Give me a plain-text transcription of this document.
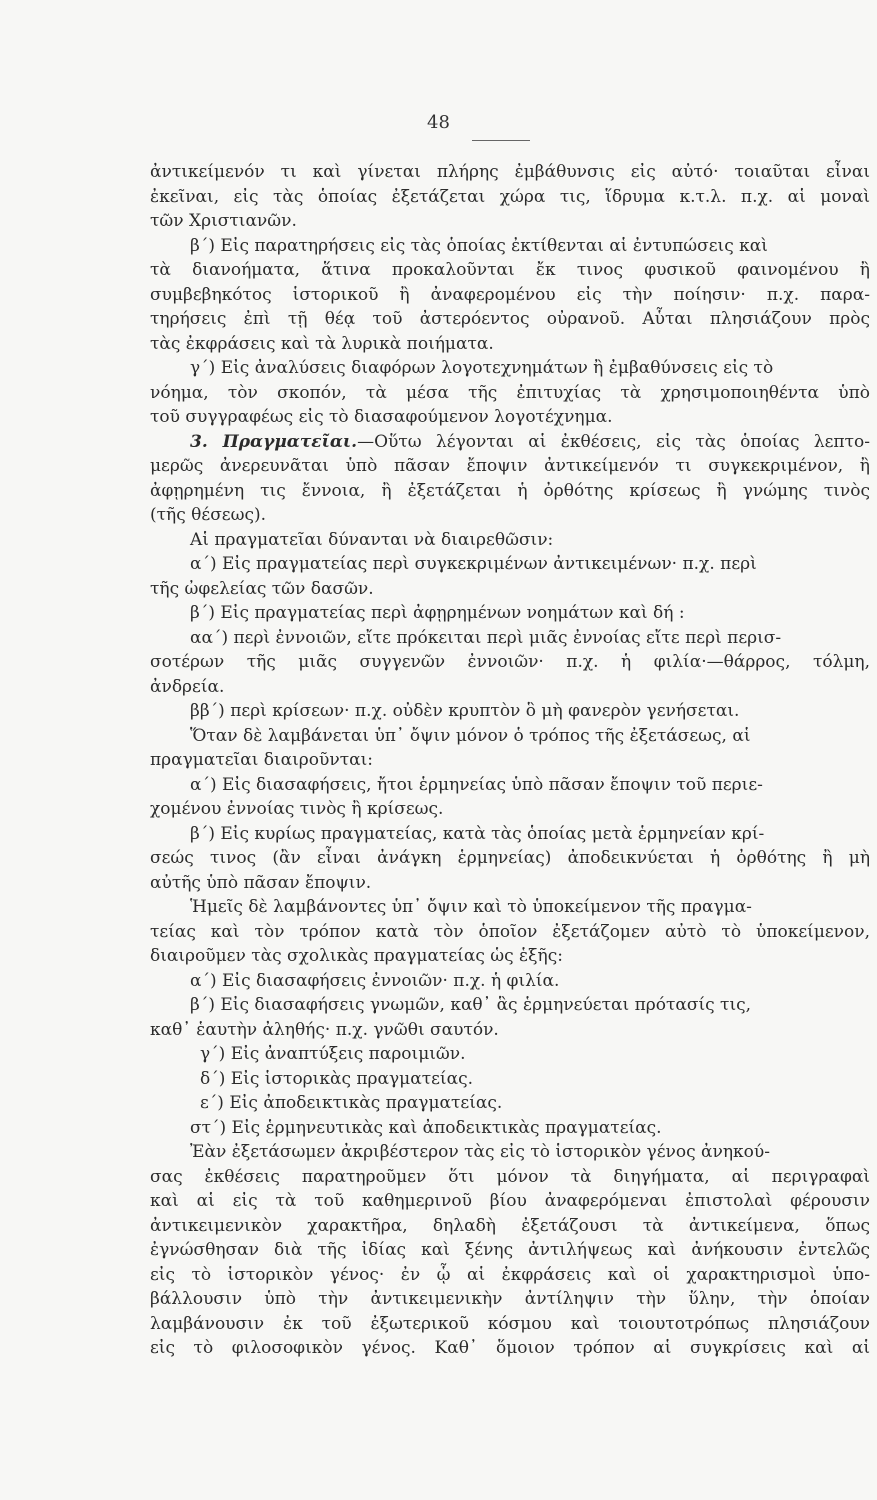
48
ἀντικείμενόν τι καὶ γίνεται πλήρης ἐμβάθυνσις εἰς αὐτό· τοιαῦται εἶναι
ἐκεῖναι, εἰς τὰς ὁποίας ἐξετάζεται χώρα τις, ἵδρυμα κ.τ.λ. π.χ. αἱ μοναὶ
τῶν Χριστιανῶν.
β΄) Εἰς παρατηρήσεις εἰς τὰς ὁποίας ἐκτίθενται αἱ ἐντυπώσεις καὶ
τὰ διανοήματα, ἅτινα προκαλοῦνται ἔκ τινος φυσικοῦ φαινομένου ἢ
συμβεβηκότος ἱστορικοῦ ἢ ἀναφερομένου εἰς τὴν ποίησιν· π.χ. παρα-
τηρήσεις ἐπὶ τῇ θέᾳ τοῦ ἀστερόεντος οὐρανοῦ. Αὗται πλησιάζουν πρὸς
τὰς ἐκφράσεις καὶ τὰ λυρικὰ ποιήματα.
γ΄) Εἰς ἀναλύσεις διαφόρων λογοτεχνημάτων ἢ ἐμβαθύνσεις εἰς τὸ
νόημα, τὸν σκοπόν, τὰ μέσα τῆς ἐπιτυχίας τὰ χρησιμοποιηθέντα ὑπὸ
τοῦ συγγραφέως εἰς τὸ διασαφούμενον λογοτέχνημα.
3. Πραγματεῖαι.—Οὕτω λέγονται αἱ ἐκθέσεις, εἰς τὰς ὁποίας λεπτο-
μερῶς ἀνερευνᾶται ὑπὸ πᾶσαν ἔποψιν ἀντικείμενόν τι συγκεκριμένον, ἢ
ἀφῃρημένη τις ἔννοια, ἢ ἐξετάζεται ἡ ὀρθότης κρίσεως ἢ γνώμης τινὸς
(τῆς θέσεως).
Αἱ πραγματεῖαι δύνανται νὰ διαιρεθῶσιν:
α΄) Εἰς πραγματείας περὶ συγκεκριμένων ἀντικειμένων· π.χ. περὶ
τῆς ὠφελείας τῶν δασῶν.
β΄) Εἰς πραγματείας περὶ ἀφῃρημένων νοημάτων καὶ δή :
αα΄) περὶ ἐννοιῶν, εἴτε πρόκειται περὶ μιᾶς ἐννοίας εἴτε περὶ περισ-
σοτέρων τῆς μιᾶς συγγενῶν ἐννοιῶν· π.χ. ἡ φιλία·—θάρρος, τόλμη,
ἀνδρεία.
ββ΄) περὶ κρίσεων· π.χ. οὐδὲν κρυπτὸν ὃ μὴ φανερὸν γενήσεται.
Ὅταν δὲ λαμβάνεται ὑπ᾿ ὄψιν μόνον ὁ τρόπος τῆς ἐξετάσεως, αἱ
πραγματεῖαι διαιροῦνται:
α΄) Εἰς διασαφήσεις, ἤτοι ἑρμηνείας ὑπὸ πᾶσαν ἔποψιν τοῦ περιε-
χομένου ἐννοίας τινὸς ἢ κρίσεως.
β΄) Εἰς κυρίως πραγματείας, κατὰ τὰς ὁποίας μετὰ ἑρμηνείαν κρί-
σεώς τινος (ἂν εἶναι ἀνάγκη ἑρμηνείας) ἀποδεικνύεται ἡ ὀρθότης ἢ μὴ
αὐτῆς ὑπὸ πᾶσαν ἔποψιν.
Ἡμεῖς δὲ λαμβάνοντες ὑπ᾿ ὄψιν καὶ τὸ ὑποκείμενον τῆς πραγμα-
τείας καὶ τὸν τρόπον κατὰ τὸν ὁποῖον ἐξετάζομεν αὐτὸ τὸ ὑποκείμενον,
διαιροῦμεν τὰς σχολικὰς πραγματείας ὡς ἑξῆς:
α΄) Εἰς διασαφήσεις ἐννοιῶν· π.χ. ἡ φιλία.
β΄) Εἰς διασαφήσεις γνωμῶν, καθ᾿ ἃς ἑρμηνεύεται πρότασίς τις,
καθ᾿ ἑαυτὴν ἀληθής· π.χ. γνῶθι σαυτόν.
γ΄) Εἰς ἀναπτύξεις παροιμιῶν.
δ΄) Εἰς ἱστορικὰς πραγματείας.
ε΄) Εἰς ἀποδεικτικὰς πραγματείας.
στ΄) Εἰς ἑρμηνευτικὰς καὶ ἀποδεικτικὰς πραγματείας.
Ἐὰν ἐξετάσωμεν ἀκριβέστερον τὰς εἰς τὸ ἱστορικὸν γένος ἀνηκού-
σας ἐκθέσεις παρατηροῦμεν ὅτι μόνον τὰ διηγήματα, αἱ περιγραφαὶ
καὶ αἱ εἰς τὰ τοῦ καθημερινοῦ βίου ἀναφερόμεναι ἐπιστολαὶ φέρουσιν
ἀντικειμενικὸν χαρακτῆρα, δηλαδὴ ἐξετάζουσι τὰ ἀντικείμενα, ὅπως
ἐγνώσθησαν διὰ τῆς ἰδίας καὶ ξένης ἀντιλήψεως καὶ ἀνήκουσιν ἐντελῶς
εἰς τὸ ἱστορικὸν γένος· ἐν ᾧ αἱ ἐκφράσεις καὶ οἱ χαρακτηρισμοὶ ὑπο-
βάλλουσιν ὑπὸ τὴν ἀντικειμενικὴν ἀντίληψιν τὴν ὕλην, τὴν ὁποίαν
λαμβάνουσιν ἐκ τοῦ ἐξωτερικοῦ κόσμου καὶ τοιουτοτρόπως πλησιάζουν
εἰς τὸ φιλοσοφικὸν γένος. Καθ᾿ ὅμοιον τρόπον αἱ συγκρίσεις καὶ αἱ
